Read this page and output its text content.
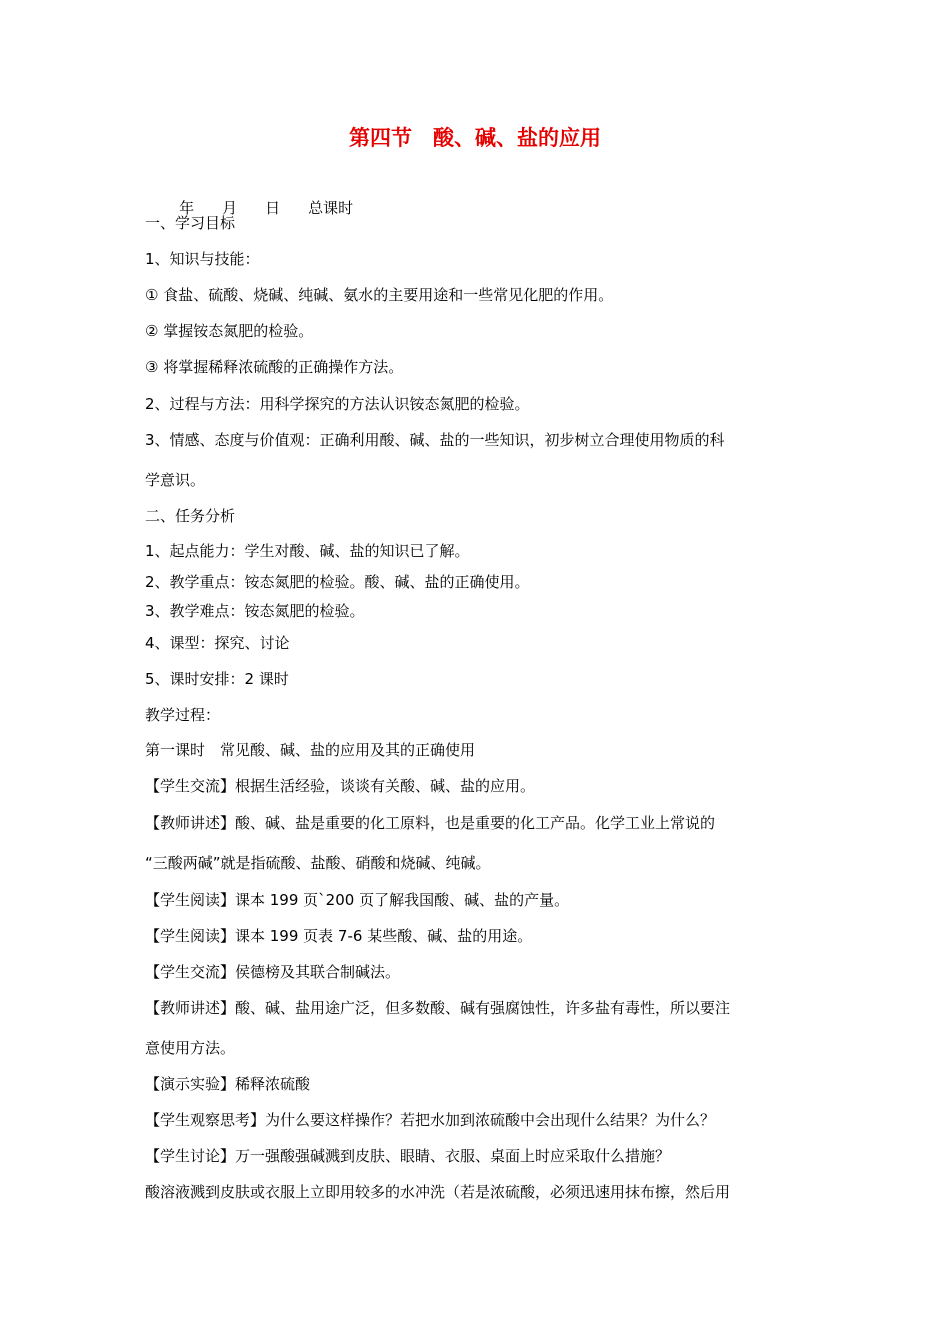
第四节　酸、碱、盐的应用

年 月 日 总课时

一、学习目标
1、知识与技能：
① 食盐、硫酸、烧碱、纯碱、氨水的主要用途和一些常见化肥的作用。
② 掌握铵态氮肥的检验。
③ 将掌握稀释浓硫酸的正确操作方法。
2、过程与方法：用科学探究的方法认识铵态氮肥的检验。
3、情感、态度与价值观：正确利用酸、碱、盐的一些知识，初步树立合理使用物质的科
学意识。
二、任务分析
1、起点能力：学生对酸、碱、盐的知识已了解。
2、教学重点：铵态氮肥的检验。酸、碱、盐的正确使用。
3、教学难点：铵态氮肥的检验。
4、课型：探究、讨论
5、课时安排：2 课时
教学过程：
第一课时　常见酸、碱、盐的应用及其的正确使用
【学生交流】根据生活经验，谈谈有关酸、碱、盐的应用。
【教师讲述】酸、碱、盐是重要的化工原料，也是重要的化工产品。化学工业上常说的
“三酸两碱”就是指硫酸、盐酸、硝酸和烧碱、纯碱。
【学生阅读】课本 199 页`200 页了解我国酸、碱、盐的产量。
【学生阅读】课本 199 页表 7-6 某些酸、碱、盐的用途。
【学生交流】侯德榜及其联合制碱法。
【教师讲述】酸、碱、盐用途广泛，但多数酸、碱有强腐蚀性，许多盐有毒性，所以要注
意使用方法。
【演示实验】稀释浓硫酸
【学生观察思考】为什么要这样操作？若把水加到浓硫酸中会出现什么结果？为什么？
【学生讨论】万一强酸强碱溅到皮肤、眼睛、衣服、桌面上时应采取什么措施？
酸溶液溅到皮肤或衣服上立即用较多的水冲洗（若是浓硫酸，必须迅速用抹布擦，然后用
